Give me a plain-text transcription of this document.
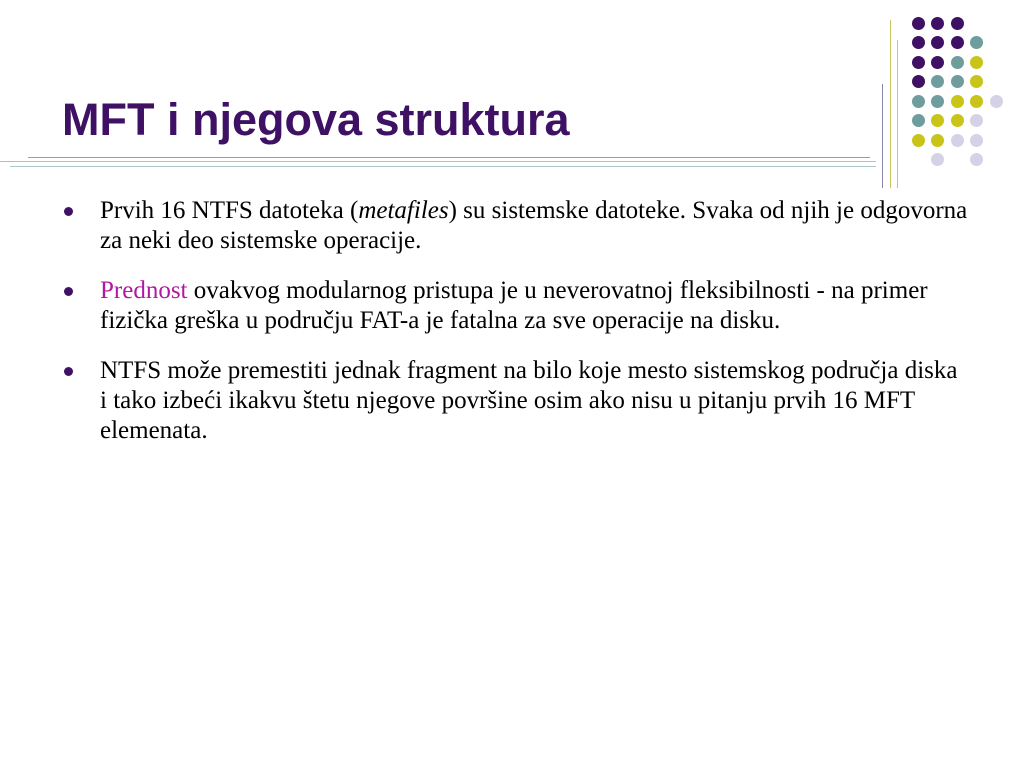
MFT i njegova struktura
Prvih 16 NTFS datoteka (metafiles) su sistemske datoteke. Svaka od njih je odgovorna za neki deo sistemske operacije.
Prednost ovakvog modularnog pristupa je u neverovatnoj fleksibilnosti - na primer fizička greška u području FAT-a je fatalna za sve operacije na disku.
NTFS može premestiti jednak fragment na bilo koje mesto sistemskog područja diska i tako izbeći ikakvu štetu njegove površine osim ako nisu u pitanju prvih 16 MFT elemenata.
